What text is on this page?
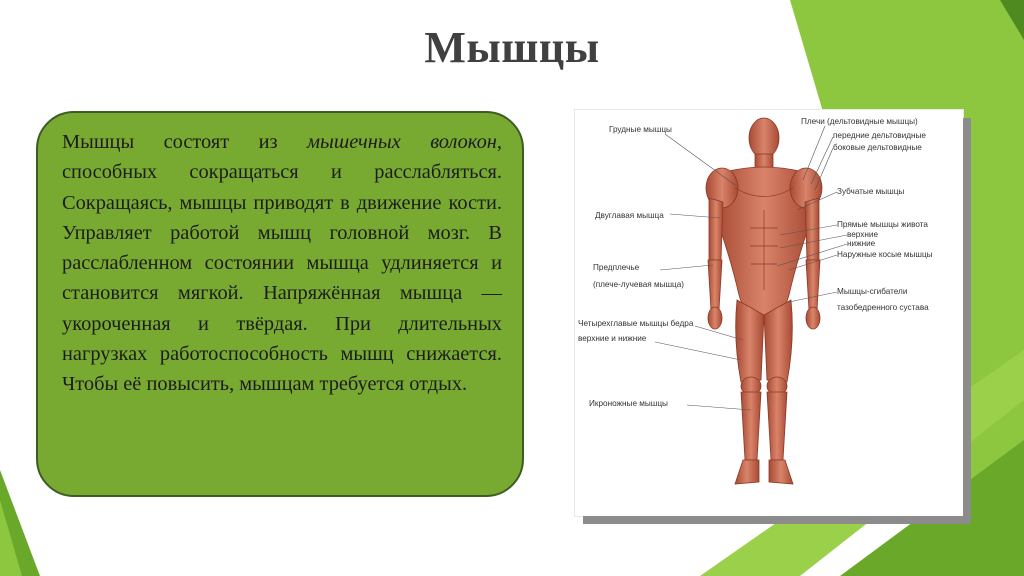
Мышцы

Мышцы состоят из мышечных волокон, способных сокращаться и расслабляться. Сокращаясь, мышцы приводят в движение кости. Управляет работой мышц головной мозг. В расслабленном состоянии мышца удлиняется и становится мягкой. Напряжённая мышца — укороченная и твёрдая. При длительных нагрузках работоспособность мышц снижается. Чтобы её повысить, мышцам требуется отдых.

Грудные мышцы
Двуглавая мышца
Предплечье
(плече-лучевая мышца)
Четырехглавые мышцы бедра
верхние и нижние
Икроножные мышцы
Плечи (дельтовидные мышцы)
передние дельтовидные
боковые дельтовидные
Зубчатые мышцы
Прямые мышцы живота
верхние
нижние
Наружные косые мышцы
Мышцы-сгибатели
тазобедренного сустава
